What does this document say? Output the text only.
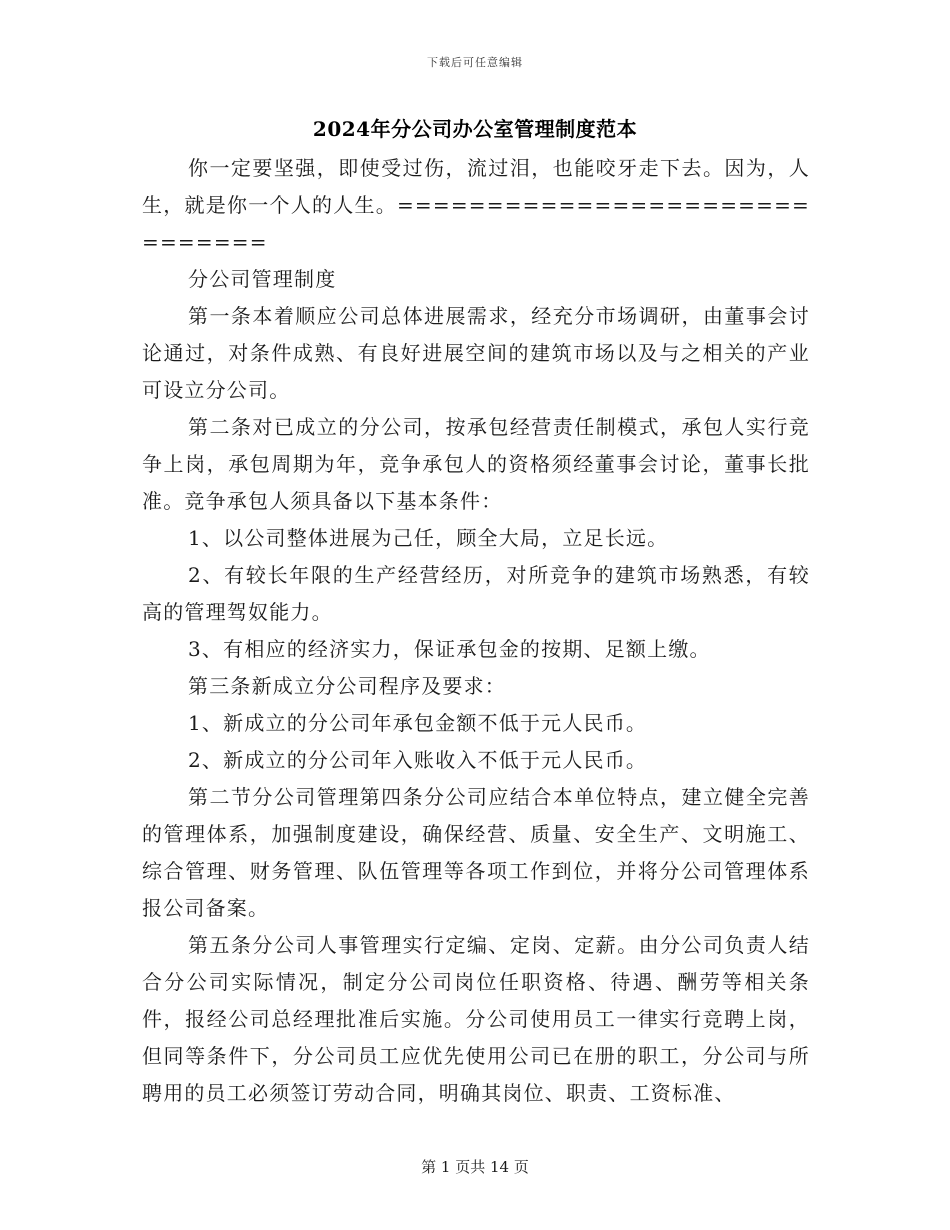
下载后可任意编辑
2024年分公司办公室管理制度范本

你一定要坚强，即使受过伤，流过泪，也能咬牙走下去。因为，人生，就是你一个人的人生。==============================

分公司管理制度

第一条本着顺应公司总体进展需求，经充分市场调研，由董事会讨论通过，对条件成熟、有良好进展空间的建筑市场以及与之相关的产业可设立分公司。

第二条对已成立的分公司，按承包经营责任制模式，承包人实行竞争上岗，承包周期为年，竞争承包人的资格须经董事会讨论，董事长批准。竞争承包人须具备以下基本条件：

1、以公司整体进展为己任，顾全大局，立足长远。

2、有较长年限的生产经营经历，对所竞争的建筑市场熟悉，有较高的管理驾奴能力。

3、有相应的经济实力，保证承包金的按期、足额上缴。

第三条新成立分公司程序及要求：

1、新成立的分公司年承包金额不低于元人民币。

2、新成立的分公司年入账收入不低于元人民币。

第二节分公司管理第四条分公司应结合本单位特点，建立健全完善的管理体系，加强制度建设，确保经营、质量、安全生产、文明施工、综合管理、财务管理、队伍管理等各项工作到位，并将分公司管理体系报公司备案。

第五条分公司人事管理实行定编、定岗、定薪。由分公司负责人结合分公司实际情况，制定分公司岗位任职资格、待遇、酬劳等相关条件，报经公司总经理批准后实施。分公司使用员工一律实行竞聘上岗，但同等条件下，分公司员工应优先使用公司已在册的职工，分公司与所聘用的员工必须签订劳动合同，明确其岗位、职责、工资标准、

第 1 页共 14 页
